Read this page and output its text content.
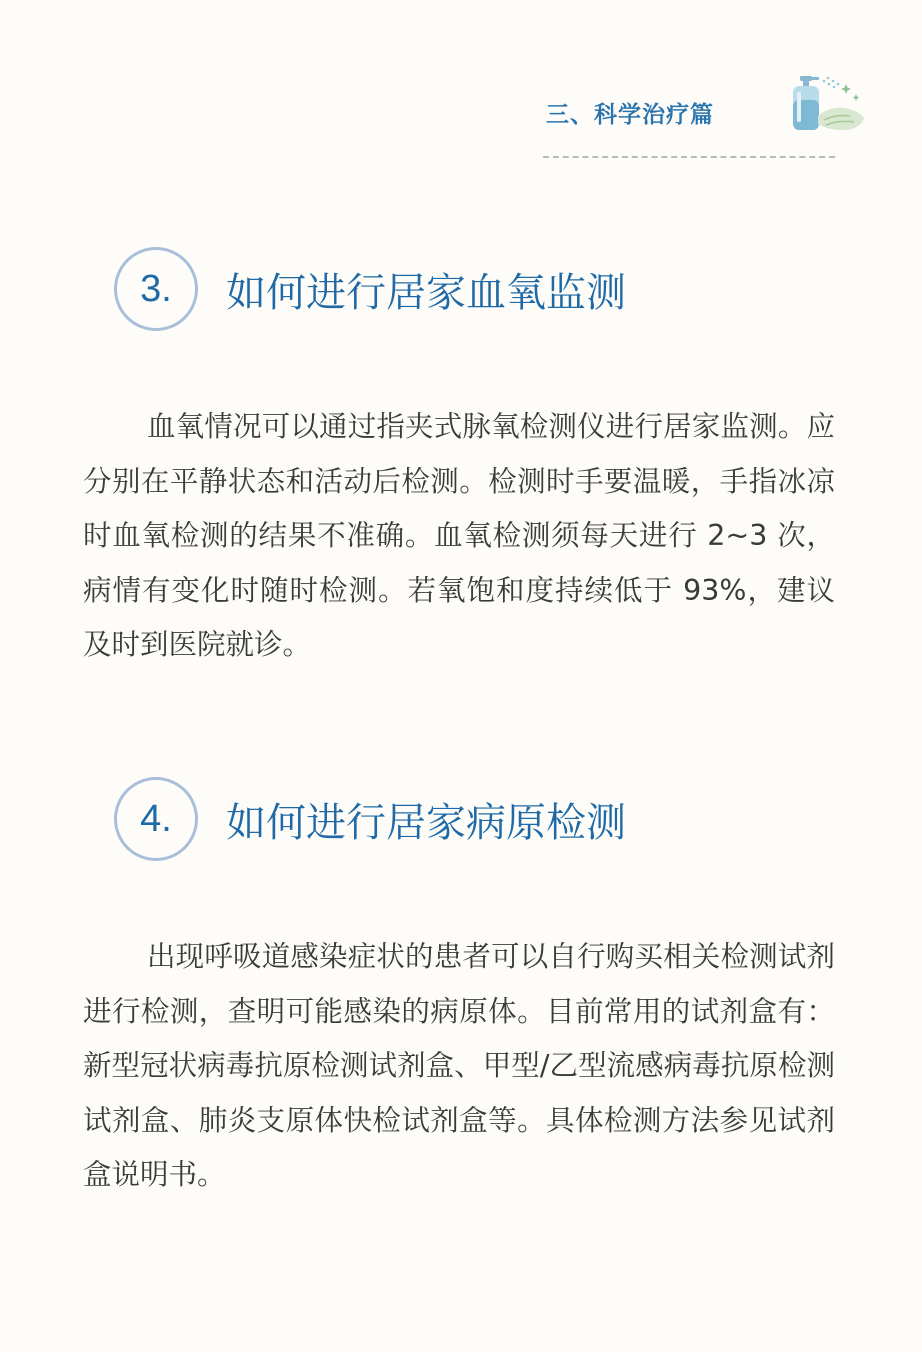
三、科学治疗篇
3.	如何进行居家血氧监测

血氧情况可以通过指夹式脉氧检测仪进行居家监测。应分别在平静状态和活动后检测。检测时手要温暖，手指冰凉时血氧检测的结果不准确。血氧检测须每天进行 2~3 次，病情有变化时随时检测。若氧饱和度持续低于 93%，建议及时到医院就诊。

4.	如何进行居家病原检测

出现呼吸道感染症状的患者可以自行购买相关检测试剂进行检测，查明可能感染的病原体。目前常用的试剂盒有：新型冠状病毒抗原检测试剂盒、甲型/乙型流感病毒抗原检测试剂盒、肺炎支原体快检试剂盒等。具体检测方法参见试剂盒说明书。
